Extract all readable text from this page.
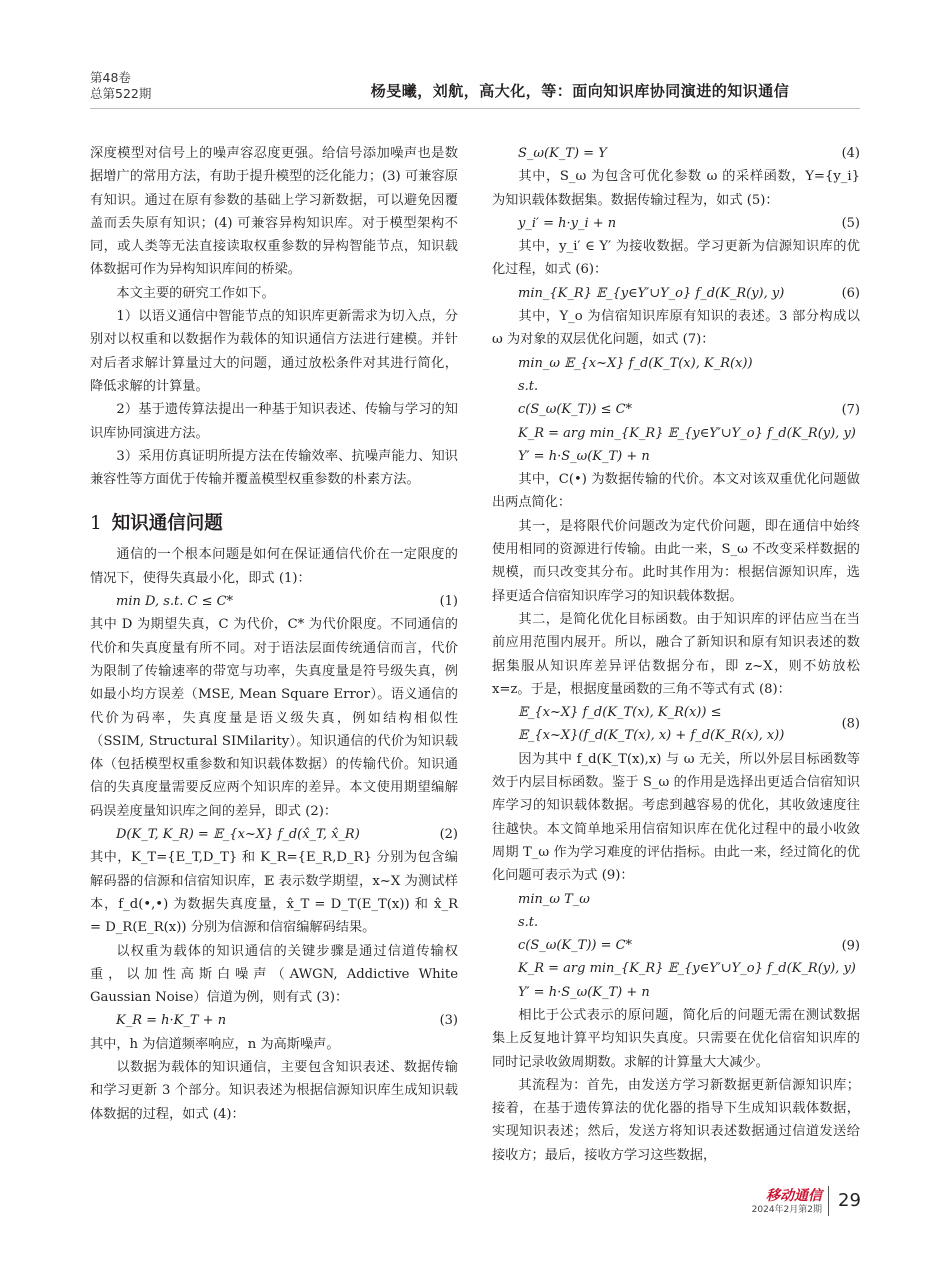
第48卷
总第522期	杨旻曦，刘航，高大化，等：面向知识库协同演进的知识通信

深度模型对信号上的噪声容忍度更强。给信号添加噪声也是数据增广的常用方法，有助于提升模型的泛化能力；(3) 可兼容原有知识。通过在原有参数的基础上学习新数据，可以避免因覆盖而丢失原有知识；(4) 可兼容异构知识库。对于模型架构不同，或人类等无法直接读取权重参数的异构智能节点，知识载体数据可作为异构知识库间的桥梁。

本文主要的研究工作如下。

1）以语义通信中智能节点的知识库更新需求为切入点，分别对以权重和以数据作为载体的知识通信方法进行建模。并针对后者求解计算量过大的问题，通过放松条件对其进行简化，降低求解的计算量。

2）基于遗传算法提出一种基于知识表述、传输与学习的知识库协同演进方法。

3）采用仿真证明所提方法在传输效率、抗噪声能力、知识兼容性等方面优于传输并覆盖模型权重参数的朴素方法。

1 知识通信问题

通信的一个根本问题是如何在保证通信代价在一定限度的情况下，使得失真最小化，即式 (1)：

min D, s.t. C ≤ C*	(1)

其中 D 为期望失真，C 为代价，C* 为代价限度。不同通信的代价和失真度量有所不同。对于语法层面传统通信而言，代价为限制了传输速率的带宽与功率，失真度量是符号级失真，例如最小均方误差（MSE, Mean Square Error）。语义通信的代价为码率，失真度量是语义级失真，例如结构相似性（SSIM, Structural SIMilarity）。知识通信的代价为知识载体（包括模型权重参数和知识载体数据）的传输代价。知识通信的失真度量需要反应两个知识库的差异。本文使用期望编解码误差度量知识库之间的差异，即式 (2)：

D(K_T, K_R) = 𝔼_{x~X} f_d(x̂_T, x̂_R)	(2)

其中，K_T={E_T,D_T} 和 K_R={E_R,D_R} 分别为包含编解码器的信源和信宿知识库，𝔼 表示数学期望，x~X 为测试样本，f_d(•,•) 为数据失真度量，x̂_T = D_T(E_T(x)) 和 x̂_R = D_R(E_R(x)) 分别为信源和信宿编解码结果。

以权重为载体的知识通信的关键步骤是通过信道传输权重，以加性高斯白噪声（AWGN, Addictive White Gaussian Noise）信道为例，则有式 (3)：

K_R = h·K_T + n	(3)

其中，h 为信道频率响应，n 为高斯噪声。

以数据为载体的知识通信，主要包含知识表述、数据传输和学习更新 3 个部分。知识表述为根据信源知识库生成知识载体数据的过程，如式 (4)：

S_ω(K_T) = Y	(4)

其中，S_ω 为包含可优化参数 ω 的采样函数，Y={y_i} 为知识载体数据集。数据传输过程为，如式 (5)：

y_i′ = h·y_i + n	(5)

其中，y_i′ ∈ Y′ 为接收数据。学习更新为信源知识库的优化过程，如式 (6)：

min_{K_R} 𝔼_{y∈Y′∪Y_o} f_d(K_R(y), y)	(6)

其中，Y_o 为信宿知识库原有知识的表述。3 部分构成以 ω 为对象的双层优化问题，如式 (7)：

min_ω 𝔼_{x~X} f_d(K_T(x), K_R(x))
s.t.
c(S_ω(K_T)) ≤ C*
K_R = arg min_{K_R} 𝔼_{y∈Y′∪Y_o} f_d(K_R(y), y)
Y′ = h·S_ω(K_T) + n
(7)

其中，C(•) 为数据传输的代价。本文对该双重优化问题做出两点简化：

其一，是将限代价问题改为定代价问题，即在通信中始终使用相同的资源进行传输。由此一来，S_ω 不改变采样数据的规模，而只改变其分布。此时其作用为：根据信源知识库，选择更适合信宿知识库学习的知识载体数据。

其二，是简化优化目标函数。由于知识库的评估应当在当前应用范围内展开。所以，融合了新知识和原有知识表述的数据集服从知识库差异评估数据分布，即 z~X，则不妨放松 x=z。于是，根据度量函数的三角不等式有式 (8)：

𝔼_{x~X} f_d(K_T(x), K_R(x)) ≤
𝔼_{x~X}(f_d(K_T(x), x) + f_d(K_R(x), x))
(8)

因为其中 f_d(K_T(x),x) 与 ω 无关，所以外层目标函数等效于内层目标函数。鉴于 S_ω 的作用是选择出更适合信宿知识库学习的知识载体数据。考虑到越容易的优化，其收敛速度往往越快。本文简单地采用信宿知识库在优化过程中的最小收敛周期 T_ω 作为学习难度的评估指标。由此一来，经过简化的优化问题可表示为式 (9)：

min_ω T_ω
s.t.
c(S_ω(K_T)) = C*
K_R = arg min_{K_R} 𝔼_{y∈Y′∪Y_o} f_d(K_R(y), y)
Y′ = h·S_ω(K_T) + n
(9)

相比于公式表示的原问题，简化后的问题无需在测试数据集上反复地计算平均知识失真度。只需要在优化信宿知识库的同时记录收敛周期数。求解的计算量大大减少。

其流程为：首先，由发送方学习新数据更新信源知识库；接着，在基于遗传算法的优化器的指导下生成知识载体数据，实现知识表述；然后，发送方将知识表述数据通过信道发送给接收方；最后，接收方学习这些数据，

移动通信
2024年2月第2期 29
